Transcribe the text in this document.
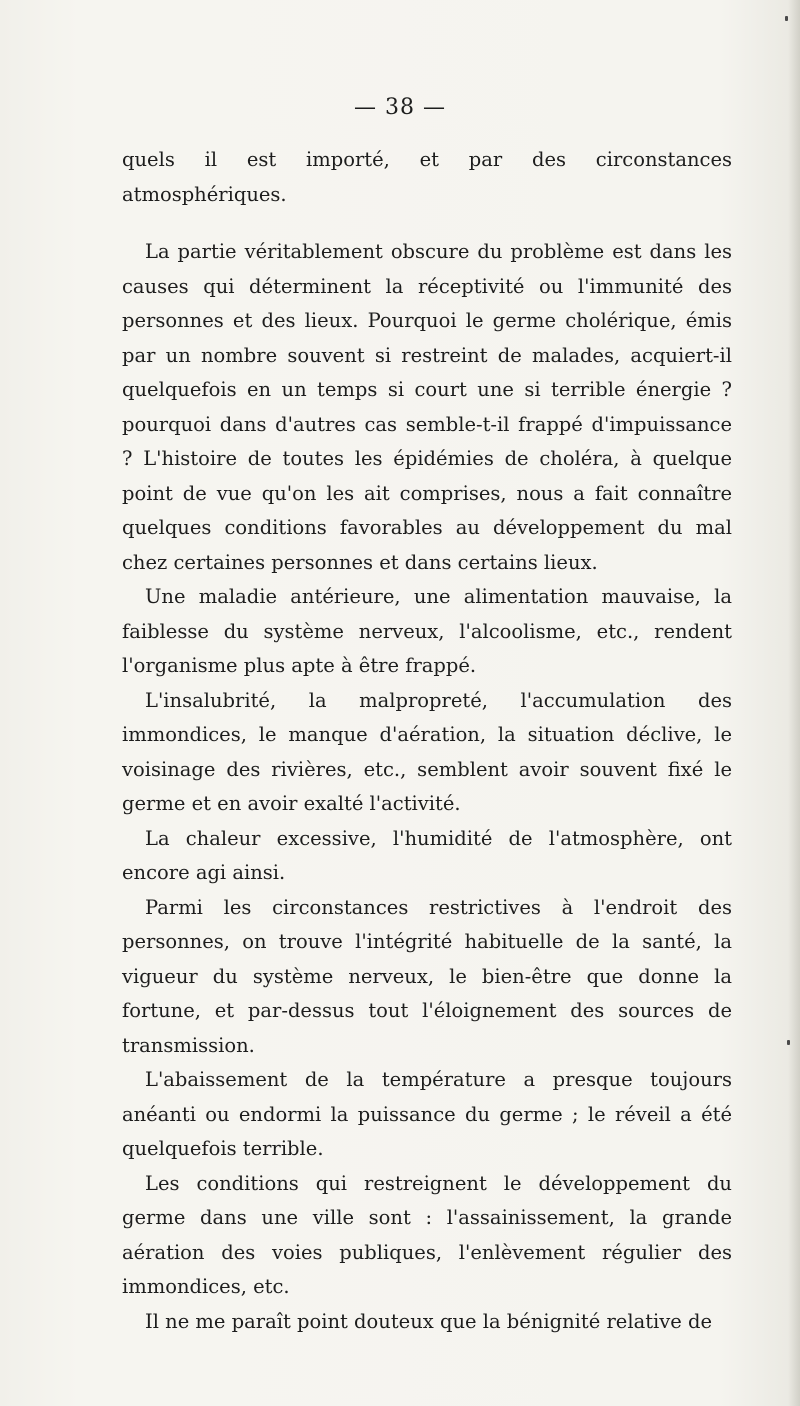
— 38 —

quels il est importé, et par des circonstances atmosphériques.

La partie véritablement obscure du problème est dans les causes qui déterminent la réceptivité ou l'immunité des personnes et des lieux. Pourquoi le germe cholérique, émis par un nombre souvent si restreint de malades, acquiert-il quelquefois en un temps si court une si terrible énergie ? pourquoi dans d'autres cas semble-t-il frappé d'impuissance ? L'histoire de toutes les épidémies de choléra, à quelque point de vue qu'on les ait comprises, nous a fait connaître quelques conditions favorables au développement du mal chez certaines personnes et dans certains lieux.

Une maladie antérieure, une alimentation mauvaise, la faiblesse du système nerveux, l'alcoolisme, etc., rendent l'organisme plus apte à être frappé.

L'insalubrité, la malpropreté, l'accumulation des immondices, le manque d'aération, la situation déclive, le voisinage des rivières, etc., semblent avoir souvent fixé le germe et en avoir exalté l'activité.

La chaleur excessive, l'humidité de l'atmosphère, ont encore agi ainsi.

Parmi les circonstances restrictives à l'endroit des personnes, on trouve l'intégrité habituelle de la santé, la vigueur du système nerveux, le bien-être que donne la fortune, et par-dessus tout l'éloignement des sources de transmission.

L'abaissement de la température a presque toujours anéanti ou endormi la puissance du germe ; le réveil a été quelquefois terrible.

Les conditions qui restreignent le développement du germe dans une ville sont : l'assainissement, la grande aération des voies publiques, l'enlèvement régulier des immondices, etc.

Il ne me paraît point douteux que la bénignité relative de
